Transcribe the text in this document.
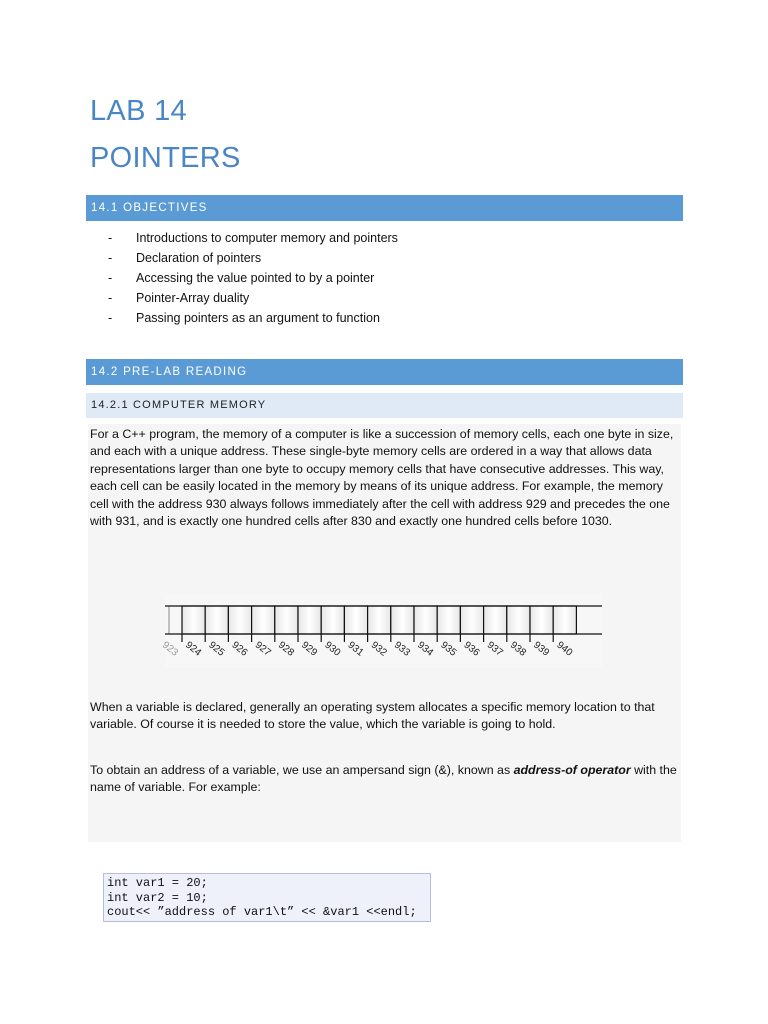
LAB 14
POINTERS
14.1 OBJECTIVES
-	Introductions to computer memory and pointers
-	Declaration of pointers
-	Accessing the value pointed to by a pointer
-	Pointer-Array duality
-	Passing pointers as an argument to function
14.2 PRE-LAB READING
14.2.1 COMPUTER MEMORY

For a C++ program, the memory of a computer is like a succession of memory cells, each one byte in size, and each with a unique address. These single-byte memory cells are ordered in a way that allows data representations larger than one byte to occupy memory cells that have consecutive addresses. This way, each cell can be easily located in the memory by means of its unique address. For example, the memory cell with the address 930 always follows immediately after the cell with address 929 and precedes the one with 931, and is exactly one hundred cells after 830 and exactly one hundred cells before 1030.

923 924 925 926 927 928 929 930 931 932 933 934 935 936 937 938 939 940

When a variable is declared, generally an operating system allocates a specific memory location to that variable. Of course it is needed to store the value, which the variable is going to hold.

To obtain an address of a variable, we use an ampersand sign (&), known as address-of operator with the name of variable. For example:

int var1 = 20;
int var2 = 10;
cout<< ”address of var1\t” << &var1 <<endl;
